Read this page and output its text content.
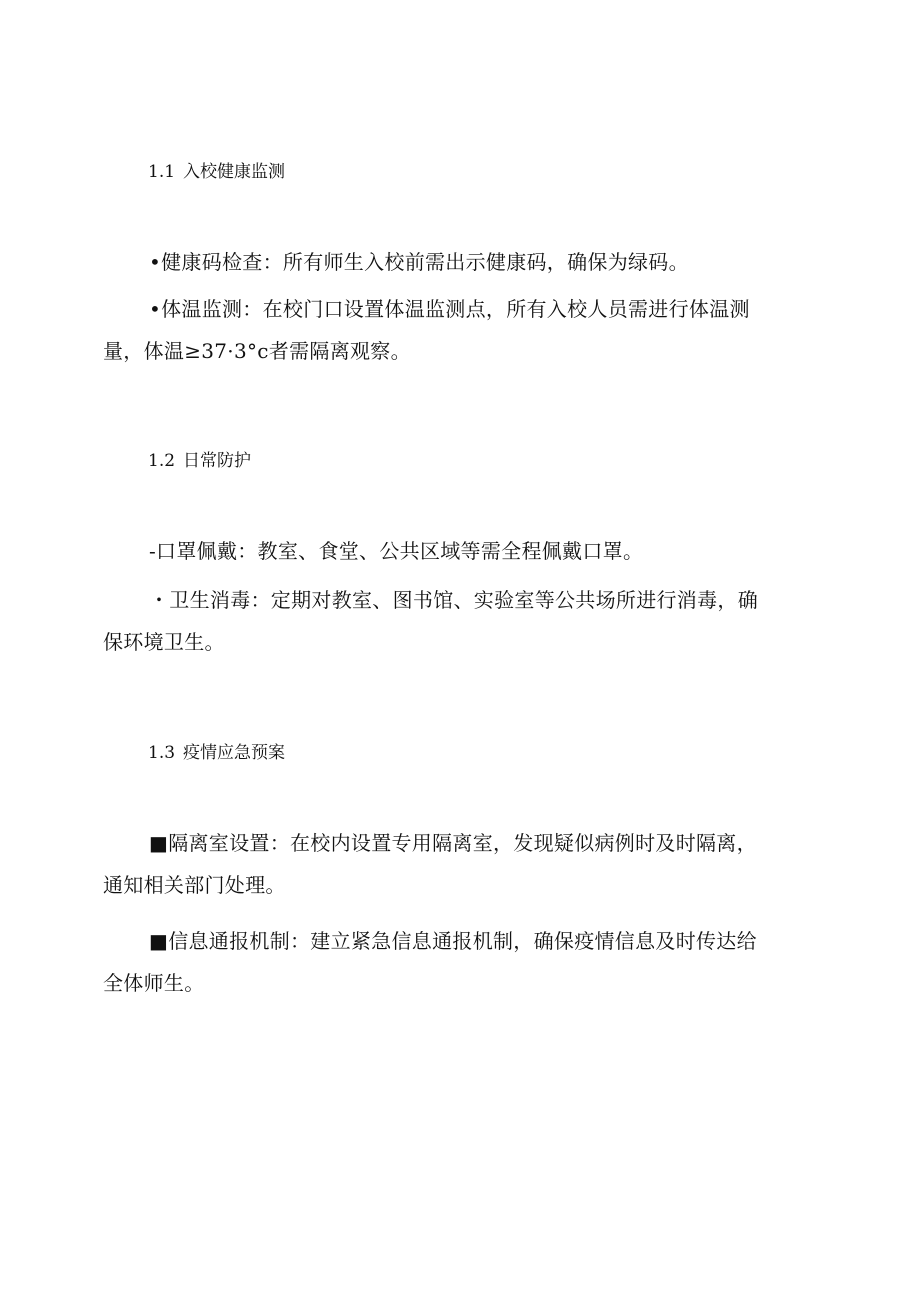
1.1 入校健康监测
•健康码检查：所有师生入校前需出示健康码，确保为绿码。
•体温监测：在校门口设置体温监测点，所有入校人员需进行体温测
量，体温≥37·3°c者需隔离观察。
1.2 日常防护
-口罩佩戴：教室、食堂、公共区域等需全程佩戴口罩。
・卫生消毒：定期对教室、图书馆、实验室等公共场所进行消毒，确
保环境卫生。
1.3 疫情应急预案
■隔离室设置：在校内设置专用隔离室，发现疑似病例时及时隔离，
通知相关部门处理。
■信息通报机制：建立紧急信息通报机制，确保疫情信息及时传达给
全体师生。
